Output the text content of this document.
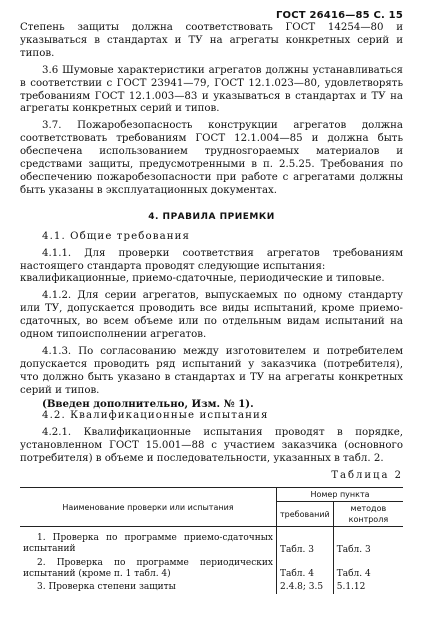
ГОСТ 26416—85 С. 15

Степень защиты должна соответствовать ГОСТ 14254—80 и указываться в стандартах и ТУ на агрегаты конкретных серий и типов.

3.6 Шумовые характеристики агрегатов должны устанавливаться в соответствии с ГОСТ 23941—79, ГОСТ 12.1.023—80, удовлетворять требованиям ГОСТ 12.1.003—83 и указываться в стандартах и ТУ на агрегаты конкретных серий и типов.

3.7. Пожаробезопасность конструкции агрегатов должна соответствовать требованиям ГОСТ 12.1.004—85 и должна быть обеспечена использованием труднosгораемых материалов и средствами защиты, предусмотренными в п. 2.5.25. Требования по обеспечению пожаробезопасности при работе с агрегатами должны быть указаны в эксплуатационных документах.

4. ПРАВИЛА ПРИЕМКИ

4.1. Общие требования

4.1.1. Для проверки соответствия агрегатов требованиям настоящего стандарта проводят следующие испытания:

квалификационные, приемо-сдаточные, периодические и типовые.

4.1.2. Для серии агрегатов, выпускаемых по одному стандарту или ТУ, допускается проводить все виды испытаний, кроме приемо-сдаточных, во всем объеме или по отдельным видам испытаний на одном типоисполнении агрегатов.

4.1.3. По согласованию между изготовителем и потребителем допускается проводить ряд испытаний у заказчика (потребителя), что должно быть указано в стандартах и ТУ на агрегаты конкретных серий и типов.

(Введен дополнительно, Изм. № 1).

4.2. Квалификационные испытания

4.2.1. Квалификационные испытания проводят в порядке, установленном ГОСТ 15.001—88 с участием заказчика (основного потребителя) в объеме и последовательности, указанных в табл. 2.

Таблица 2
Наименование проверки или испытания	Номер пункта	
	требований	методов контроля
1. Проверка по программе приемо-сдаточных испытаний	Табл. 3	Табл. 3
2. Проверка по программе периодических испытаний (кроме п. 1 табл. 4)	Табл. 4	Табл. 4
3. Проверка степени защиты	2.4.8; 3.5	5.1.12
